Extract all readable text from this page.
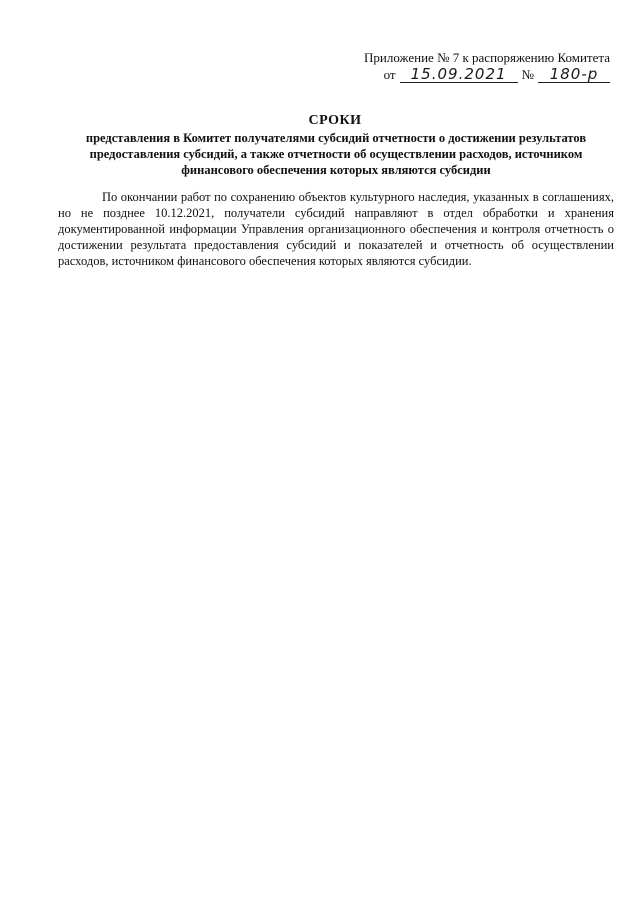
Приложение № 7 к распоряжению Комитета
от	15.09.2021	№	180-р
СРОКИ
представления в Комитет получателями субсидий отчетности о достижении результатов предоставления субсидий, а также отчетности об осуществлении расходов, источником финансового обеспечения которых являются субсидии
По окончании работ по сохранению объектов культурного наследия, указанных в соглашениях, но не позднее 10.12.2021, получатели субсидий направляют в отдел обработки и хранения документированной информации Управления организационного обеспечения и контроля отчетность о достижении результата предоставления субсидий и показателей и отчетность об осуществлении расходов, источником финансового обеспечения которых являются субсидии.
